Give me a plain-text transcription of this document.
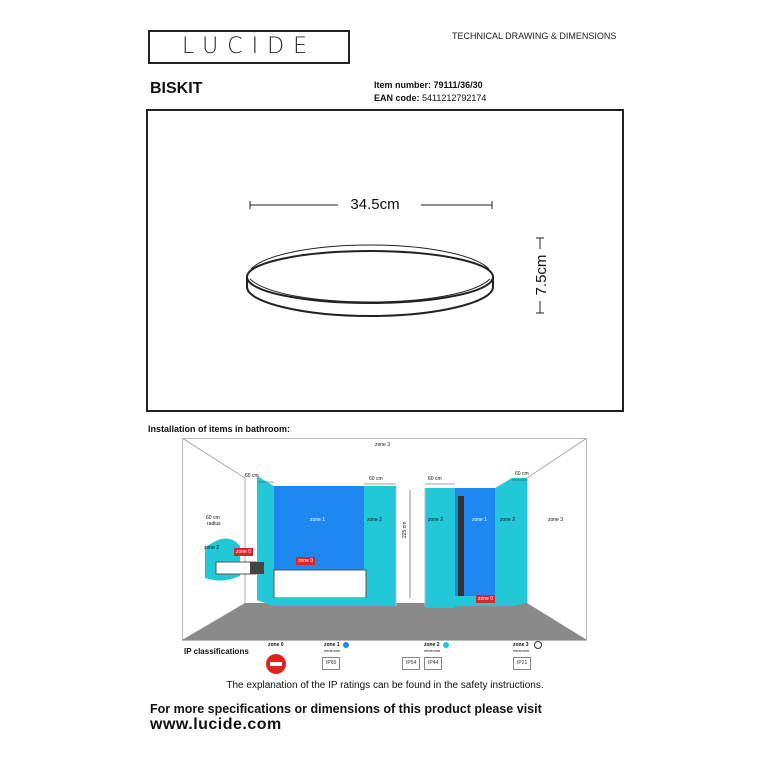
LUCIDE	TECHNICAL DRAWING & DIMENSIONS
BISKIT	Item number: 79111/36/30
EAN code: 5411212792174
34.5cm
7.5cm
Installation of items in bathroom:
zone 3
60 cm	60 cm	60 cm
60 cm
60 cm
radius
zone 1	zone 2	zone 2	zone 1	zone 2	zone 3
zone 2
zone 0
zone 0
zone 0
225 cm
IP classifications
zone 0	zone 1
minimum
IP65
zone 2
minimum
IP54	IP44
zone 3
minimum
IP21
The explanation of the IP ratings can be found in the safety instructions.
For more specifications or dimensions of this product please visit
www.lucide.com
